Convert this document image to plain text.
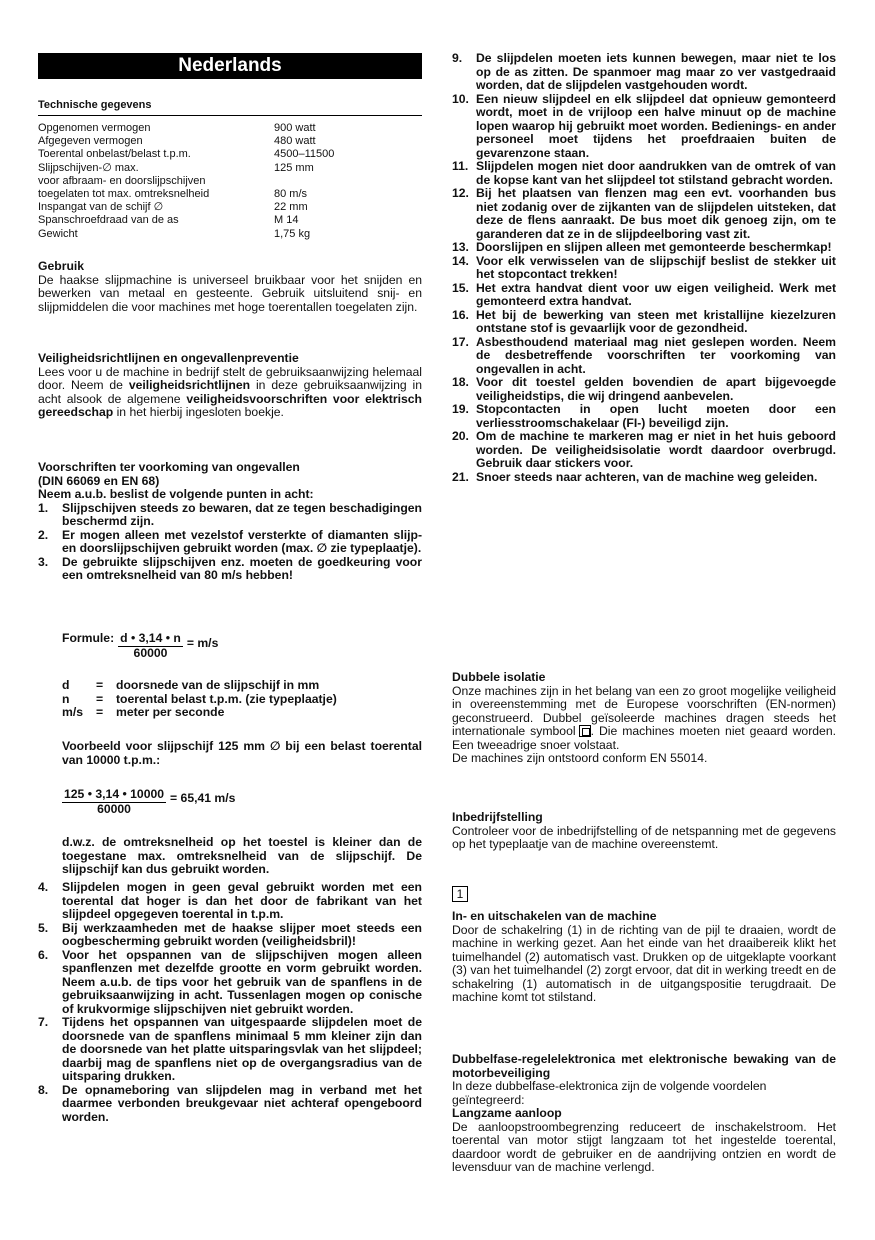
Nederlands
Technische gegevens
Opgenomen vermogen	900 watt
Afgegeven vermogen	480 watt
Toerental onbelast/belast t.p.m.	4500–11500
Slijpschijven-∅ max.	125 mm
voor afbraam- en doorslijpschijven
toegelaten tot max. omtreksnelheid	80 m/s
Inspangat van de schijf ∅	22 mm
Spanschroefdraad van de as	M 14
Gewicht	1,75 kg
Gebruik
De haakse slijpmachine is universeel bruikbaar voor het snijden en bewerken van metaal en gesteente. Gebruik uitsluitend snij- en slijpmiddelen die voor machines met hoge toerentallen toegelaten zijn.
Veiligheidsrichtlijnen en ongevallenpreventie
Lees voor u de machine in bedrijf stelt de gebruiksaanwijzing helemaal door. Neem de veiligheidsrichtlijnen in deze gebruiksaanwijzing in acht alsook de algemene veiligheidsvoorschriften voor elektrisch gereedschap in het hierbij ingesloten boekje.
Voorschriften ter voorkoming van ongevallen
(DIN 66069 en EN 68)
Neem a.u.b. beslist de volgende punten in acht:
1.	Slijpschijven steeds zo bewaren, dat ze tegen beschadigingen beschermd zijn.
2.	Er mogen alleen met vezelstof versterkte of diamanten slijp- en doorslijpschijven gebruikt worden (max. ∅ zie typeplaatje).
3.	De gebruikte slijpschijven enz. moeten de goedkeuring voor een omtreksnelheid van 80 m/s hebben!
Formule: $\frac{d • 3,14 • n}{60000} = m/s$
d	=	doorsnede van de slijpschijf in mm
n	=	toerental belast t.p.m. (zie typeplaatje)
m/s	=	meter per seconde
Voorbeeld voor slijpschijf 125 mm ∅ bij een belast toerental van 10000 t.p.m.:
$\frac{125 • 3,14 • 10000}{60000} = 65,41$ m/s
d.w.z. de omtreksnelheid op het toestel is kleiner dan de toegestane max. omtreksnelheid van de slijpschijf. De slijpschijf kan dus gebruikt worden.
4.	Slijpdelen mogen in geen geval gebruikt worden met een toerental dat hoger is dan het door de fabrikant van het slijpdeel opgegeven toerental in t.p.m.
5.	Bij werkzaamheden met de haakse slijper moet steeds een oogbescherming gebruikt worden (veiligheidsbril)!
6.	Voor het opspannen van de slijpschijven mogen alleen spanflenzen met dezelfde grootte en vorm gebruikt worden. Neem a.u.b. de tips voor het gebruik van de spanflens in de gebruiksaanwijzing in acht. Tussenlagen mogen op conische of krukvormige slijpschijven niet gebruikt worden.
7.	Tijdens het opspannen van uitgespaarde slijpdelen moet de doorsnede van de spanflens minimaal 5 mm kleiner zijn dan de doorsnede van het platte uitsparingsvlak van het slijpdeel; daarbij mag de spanflens niet op de overgangsradius van de uitsparing drukken.
8.	De opnameboring van slijpdelen mag in verband met het daarmee verbonden breukgevaar niet achteraf opengeboord worden.
9.	De slijpdelen moeten iets kunnen bewegen, maar niet te los op de as zitten. De spanmoer mag maar zo ver vastgedraaid worden, dat de slijpdelen vastgehouden wordt.
10. Een nieuw slijpdeel en elk slijpdeel dat opnieuw gemonteerd wordt, moet in de vrijloop een halve minuut op de machine lopen waarop hij gebruikt moet worden. Bedienings- en ander personeel moet tijdens het proefdraaien buiten de gevarenzone staan.
11. Slijpdelen mogen niet door aandrukken van de omtrek of van de kopse kant van het slijpdeel tot stilstand gebracht worden.
12. Bij het plaatsen van flenzen mag een evt. voorhanden bus niet zodanig over de zijkanten van de slijpdelen uitsteken, dat deze de flens aanraakt. De bus moet dik genoeg zijn, om te garanderen dat ze in de slijpdeelboring vast zit.
13. Doorslijpen en slijpen alleen met gemonteerde beschermkap!
14. Voor elk verwisselen van de slijpschijf beslist de stekker uit het stopcontact trekken!
15. Het extra handvat dient voor uw eigen veiligheid. Werk met gemonteerd extra handvat.
16. Het bij de bewerking van steen met kristallijne kiezelzuren ontstane stof is gevaarlijk voor de gezondheid.
17. Asbesthoudend materiaal mag niet geslepen worden. Neem de desbetreffende voorschriften ter voorkoming van ongevallen in acht.
18. Voor dit toestel gelden bovendien de apart bijgevoegde veiligheidstips, die wij dringend aanbevelen.
19. Stopcontacten in open lucht moeten door een verliesstroomschakelaar (FI-) beveiligd zijn.
20. Om de machine te markeren mag er niet in het huis geboord worden. De veiligheidsisolatie wordt daardoor overbrugd. Gebruik daar stickers voor.
21. Snoer steeds naar achteren, van de machine weg geleiden.
Dubbele isolatie
Onze machines zijn in het belang van een zo groot mogelijke veiligheid in overeenstemming met de Europese voorschriften (EN-normen) geconstrueerd. Dubbel geïsoleerde machines dragen steeds het internationale symbool . Die machines moeten niet geaard worden. Een tweeadrige snoer volstaat.
De machines zijn ontstoord conform EN 55014.
Inbedrijfstelling
Controleer voor de inbedrijfstelling of de netspanning met de gegevens op het typeplaatje van de machine overeenstemt.
1
In- en uitschakelen van de machine
Door de schakelring (1) in de richting van de pijl te draaien, wordt de machine in werking gezet. Aan het einde van het draaibereik klikt het tuimelhandel (2) automatisch vast. Drukken op de uitgeklapte voorkant (3) van het tuimelhandel (2) zorgt ervoor, dat dit in werking treedt en de schakelring (1) automatisch in de uitgangspositie terugdraait. De machine komt tot stilstand.
Dubbelfase-regelelektronica met elektronische bewaking van de motorbeveiliging
In deze dubbelfase-elektronica zijn de volgende voordelen geïntegreerd:
Langzame aanloop
De aanloopstroombegrenzing reduceert de inschakelstroom. Het toerental van motor stijgt langzaam tot het ingestelde toerental, daardoor wordt de gebruiker en de aandrijving ontzien en wordt de levensduur van de machine verlengd.
